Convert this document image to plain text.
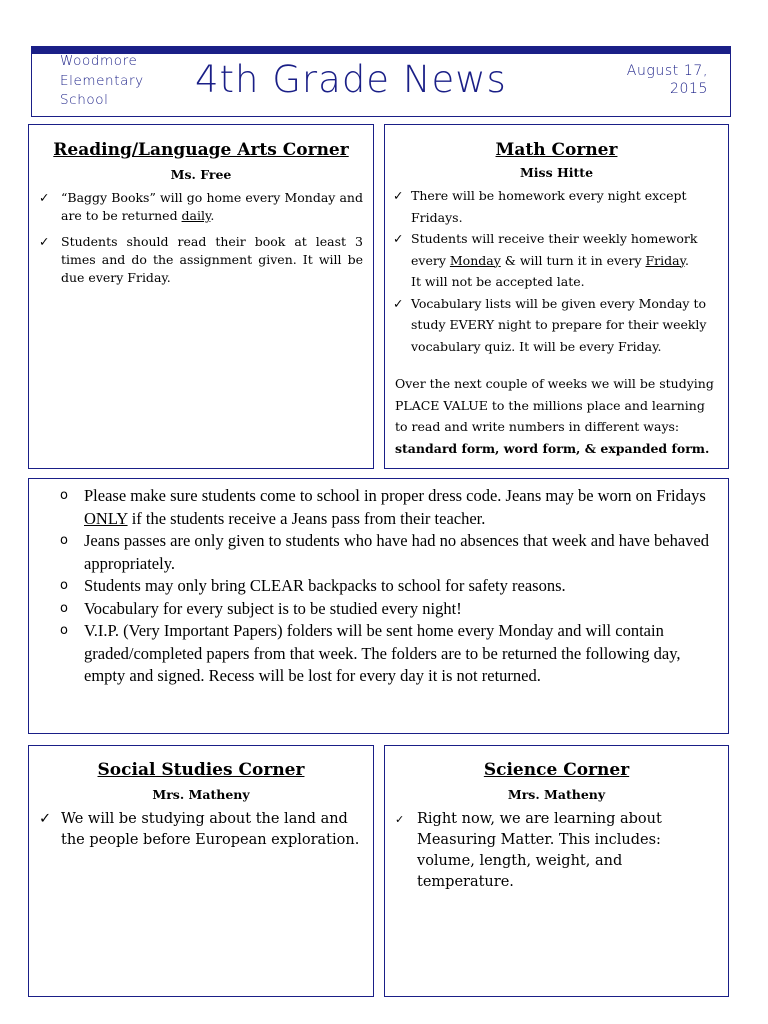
Woodmore
Elementary
School	4th Grade News	August 17,
2015
Reading/Language Arts Corner
Ms. Free
✓ “Baggy Books” will go home every Monday and are to be returned daily.
✓ Students should read their book at least 3 times and do the assignment given. It will be due every Friday.
Math Corner
Miss Hitte
✓ There will be homework every night except Fridays.
✓ Students will receive their weekly homework every Monday & will turn it in every Friday.
It will not be accepted late.
✓ Vocabulary lists will be given every Monday to study EVERY night to prepare for their weekly vocabulary quiz. It will be every Friday.

Over the next couple of weeks we will be studying PLACE VALUE to the millions place and learning to read and write numbers in different ways: standard form, word form, & expanded form.

o Please make sure students come to school in proper dress code. Jeans may be worn on Fridays ONLY if the students receive a Jeans pass from their teacher.
o Jeans passes are only given to students who have had no absences that week and have behaved appropriately.
o Students may only bring CLEAR backpacks to school for safety reasons.
o Vocabulary for every subject is to be studied every night!
o V.I.P. (Very Important Papers) folders will be sent home every Monday and will contain graded/completed papers from that week. The folders are to be returned the following day, empty and signed. Recess will be lost for every day it is not returned.
Social Studies Corner
Mrs. Matheny
✓ We will be studying about the land and the people before European exploration.
Science Corner
Mrs. Matheny
✓ Right now, we are learning about Measuring Matter. This includes: volume, length, weight, and temperature.
